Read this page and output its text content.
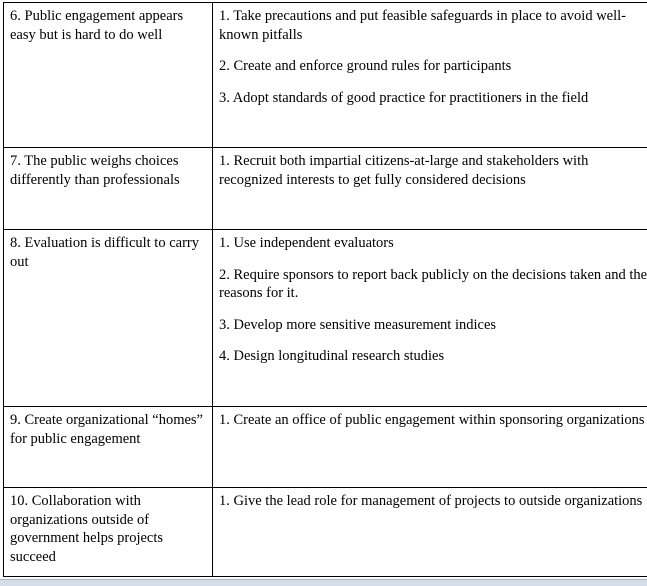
6. Public engagement appears easy but is hard to do well	1. Take precautions and put feasible safeguards in place to avoid well-known pitfalls
2. Create and enforce ground rules for participants
3. Adopt standards of good practice for practitioners in the field

7. The public weighs choices differently than professionals	1. Recruit both impartial citizens-at-large and stakeholders with recognized interests to get fully considered decisions

8. Evaluation is difficult to carry out	1. Use independent evaluators
2. Require sponsors to report back publicly on the decisions taken and the reasons for it.
3. Develop more sensitive measurement indices
4. Design longitudinal research studies

9. Create organizational “homes” for public engagement	1. Create an office of public engagement within sponsoring organizations

10. Collaboration with organizations outside of government helps projects succeed	1. Give the lead role for management of projects to outside organizations
